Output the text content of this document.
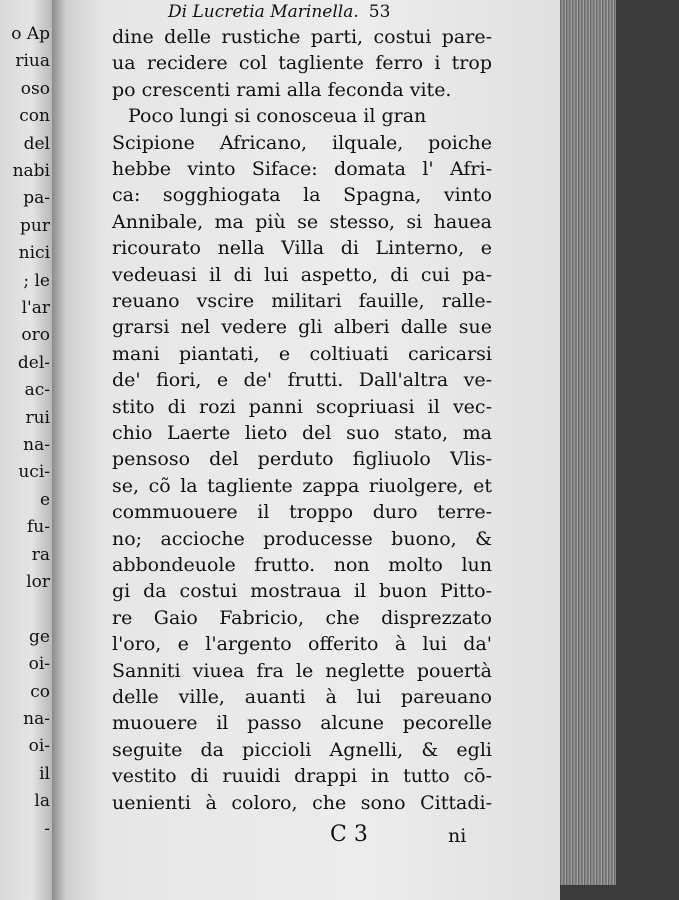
o Ap
riua
oso
con
del
nabi
pa-
pur
nici
; le
l'ar
oro
del-
ac-
rui
na-
uci-
e
fu-
ra
lor
ge
oi-
co
na-
oi-
il
la
-
Di Lucretia Marinella. 53
dine delle rustiche parti, costui pare-
ua recidere col tagliente ferro i trop
po crescenti rami alla feconda vite.
Poco lungi si conosceua il gran
Scipione Africano, ilquale, poiche
hebbe vinto Siface: domata l' Afri-
ca: sogghiogata la Spagna, vinto
Annibale, ma più se stesso, si hauea
ricourato nella Villa di Linterno, e
vedeuasi il di lui aspetto, di cui pa-
reuano vscire militari fauille, ralle-
grarsi nel vedere gli alberi dalle sue
mani piantati, e coltiuati caricarsi
de' fiori, e de' frutti. Dall'altra ve-
stito di rozi panni scopriuasi il vec-
chio Laerte lieto del suo stato, ma
pensoso del perduto figliuolo Vlis-
se, cõ la tagliente zappa riuolgere, et
commuouere il troppo duro terre-
no; accioche producesse buono, &
abbondeuole frutto. non molto lun
gi da costui mostraua il buon Pitto-
re Gaio Fabricio, che disprezzato
l'oro, e l'argento offerito à lui da'
Sanniti viuea fra le neglette pouertà
delle ville, auanti à lui pareuano
muouere il passo alcune pecorelle
seguite da piccioli Agnelli, & egli
vestito di ruuidi drappi in tutto cō-
uenienti à coloro, che sono Cittadi-
C 3	ni
